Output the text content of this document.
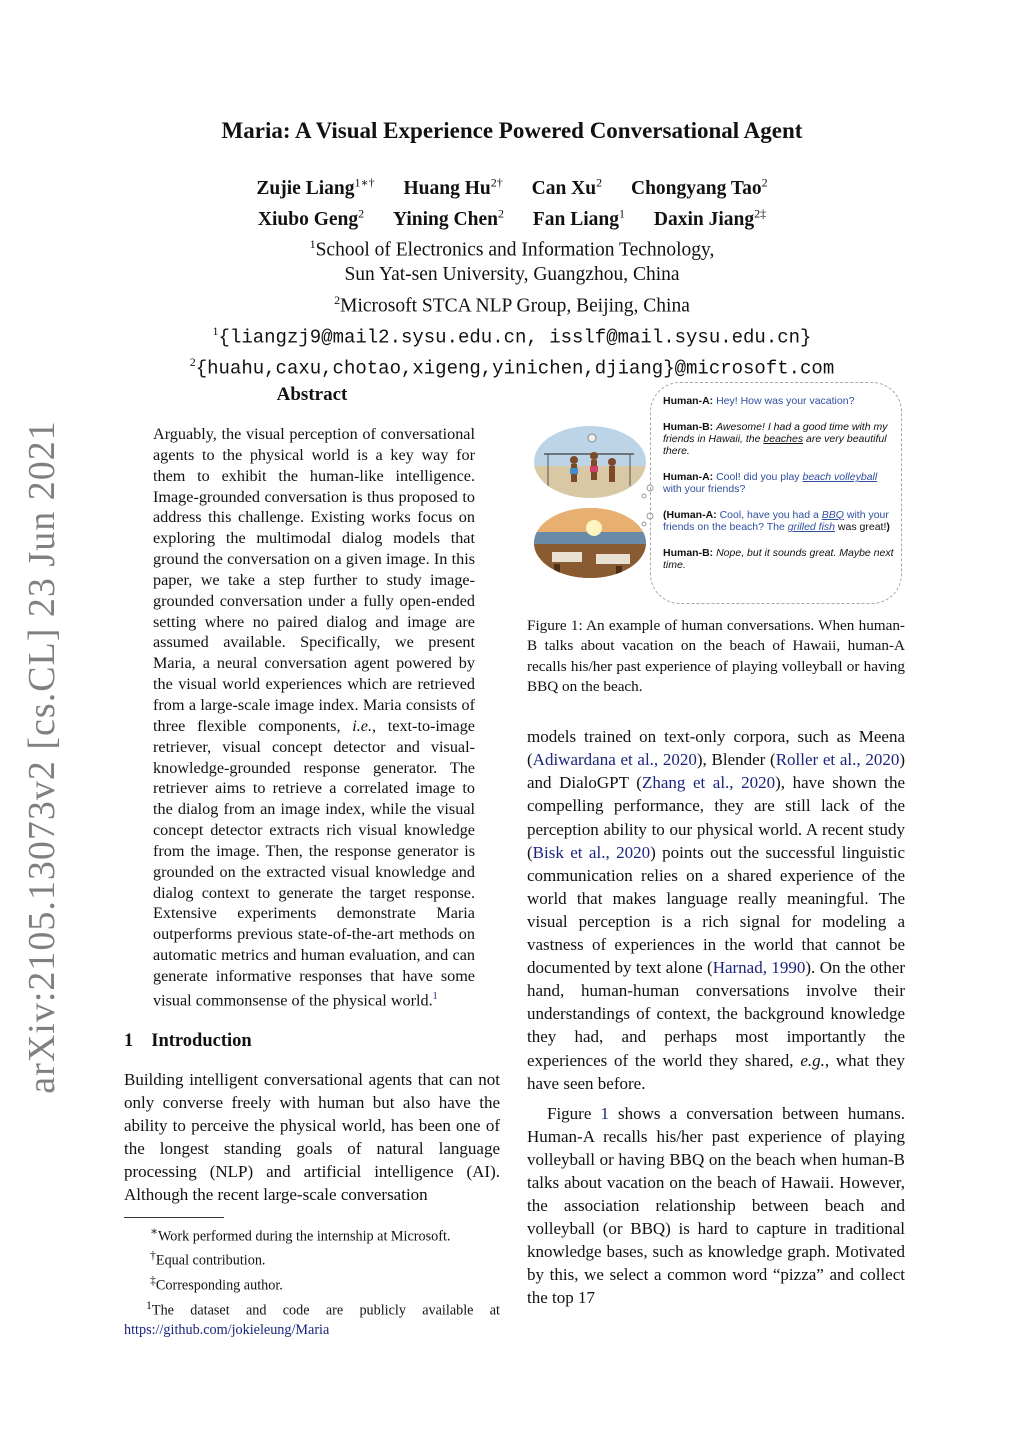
arXiv:2105.13073v2 [cs.CL] 23 Jun 2021
Maria: A Visual Experience Powered Conversational Agent
Zujie Liang$^{1∗\dagger}$ Huang $Hu^{2\dagger}$ Can Xu$^2$ Chongyang Tao$^2$
Xiubo Geng$^2$ Yining Chen$^2$ Fan Liang$^1$ Daxin Jiang$^{2\ddagger}$
$^1$School of Electronics and Information Technology,
Sun Yat-sen University, Guangzhou, China
$^2$Microsoft STCA NLP Group, Beijing, China
$^1${liangzj9@mail2.sysu.edu.cn, isslf@mail.sysu.edu.cn}
$^2${huahu,caxu,chotao,xigeng,yinichen,djiang}@microsoft.com
Abstract

Arguably, the visual perception of conversational agents to the physical world is a key way for them to exhibit the human-like intelligence. Image-grounded conversation is thus proposed to address this challenge. Existing works focus on exploring the multimodal dialog models that ground the conversation on a given image. In this paper, we take a step further to study image-grounded conversation under a fully open-ended setting where no paired dialog and image are assumed available. Specifically, we present Maria, a neural conversation agent powered by the visual world experiences which are retrieved from a large-scale image index. Maria consists of three flexible components, i.e., text-to-image retriever, visual concept detector and visual-knowledge-grounded response generator. The retriever aims to retrieve a correlated image to the dialog from an image index, while the visual concept detector extracts rich visual knowledge from the image. Then, the response generator is grounded on the extracted visual knowledge and dialog context to generate the target response. Extensive experiments demonstrate Maria outperforms previous state-of-the-art methods on automatic metrics and human evaluation, and can generate informative responses that have some visual commonsense of the physical world.$^1$

1 Introduction

Building intelligent conversational agents that can not only converse freely with human but also have the ability to perceive the physical world, has been one of the longest standing goals of natural language processing (NLP) and artificial intelligence (AI). Although the recent large-scale conversation

∗Work performed during the internship at Microsoft.

†Equal contribution.

‡Corresponding author.

$^1$The dataset and code are publicly available at

https://github.com/jokieleung/Maria

Human-A: Hey! How was your vacation?
Human-B: Awesome! I had a good time with my friends in Hawaii, the beaches are very beautiful there.
Human-A: Cool! did you play beach volleyball with your friends?
(Human-A: Cool, have you had a BBQ with your friends on the beach? The grilled fish was great!)
Human-B: Nope, but it sounds great. Maybe next time.

Figure 1: An example of human conversations. When human-B talks about vacation on the beach of Hawaii, human-A recalls his/her past experience of playing volleyball or having BBQ on the beach.

models trained on text-only corpora, such as Meena (Adiwardana et al., 2020), Blender (Roller et al., 2020) and DialoGPT (Zhang et al., 2020), have shown the compelling performance, they are still lack of the perception ability to our physical world. A recent study (Bisk et al., 2020) points out the successful linguistic communication relies on a shared experience of the world that makes language really meaningful. The visual perception is a rich signal for modeling a vastness of experiences in the world that cannot be documented by text alone (Harnad, 1990). On the other hand, human-human conversations involve their understandings of context, the background knowledge they had, and perhaps most importantly the experiences of the world they shared, e.g., what they have seen before.

Figure 1 shows a conversation between humans. Human-A recalls his/her past experience of playing volleyball or having BBQ on the beach when human-B talks about vacation on the beach of Hawaii. However, the association relationship between beach and volleyball (or BBQ) is hard to capture in traditional knowledge bases, such as knowledge graph. Motivated by this, we select a common word “pizza” and collect the top 17
